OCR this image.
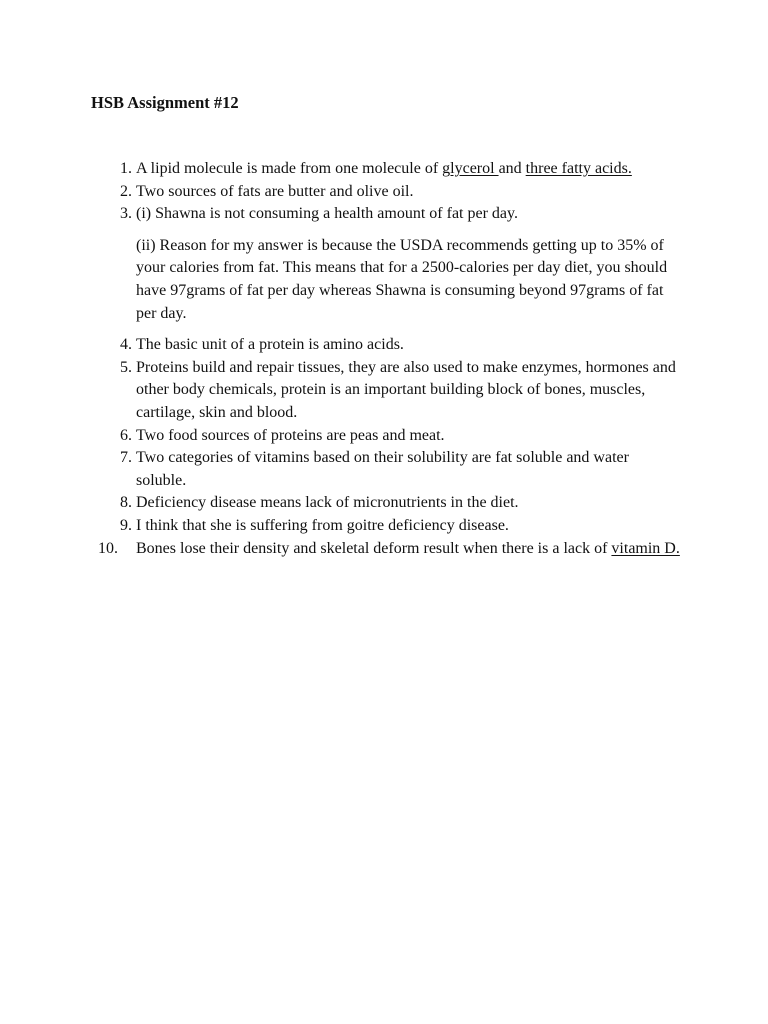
HSB Assignment #12
1. A lipid molecule is made from one molecule of glycerol and three fatty acids.
2. Two sources of fats are butter and olive oil.
3. (i) Shawna is not consuming a health amount of fat per day.
(ii) Reason for my answer is because the USDA recommends getting up to 35% of your calories from fat. This means that for a 2500-calories per day diet, you should have 97grams of fat per day whereas Shawna is consuming beyond 97grams of fat per day.
4. The basic unit of a protein is amino acids.
5. Proteins build and repair tissues, they are also used to make enzymes, hormones and other body chemicals, protein is an important building block of bones, muscles, cartilage, skin and blood.
6. Two food sources of proteins are peas and meat.
7. Two categories of vitamins based on their solubility are fat soluble and water soluble.
8. Deficiency disease means lack of micronutrients in the diet.
9. I think that she is suffering from goitre deficiency disease.
10.	Bones lose their density and skeletal deform result when there is a lack of vitamin D.
